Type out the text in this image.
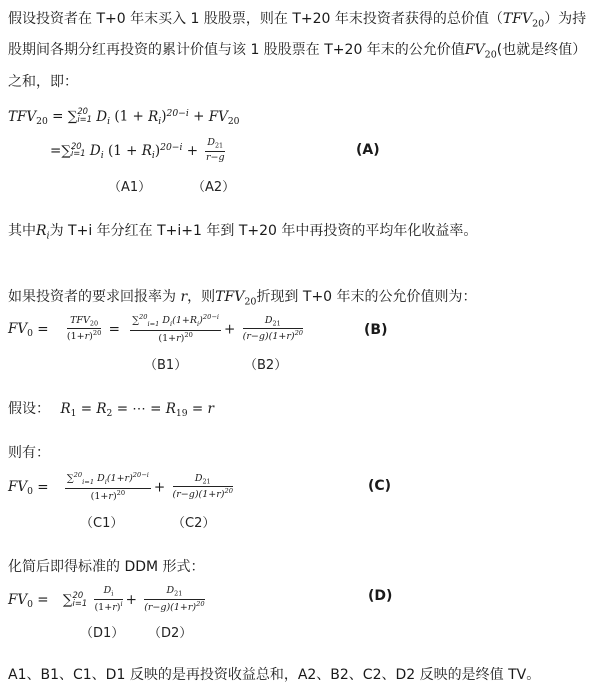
假设投资者在 T+0 年末买入 1 股股票，则在 T+20 年末投资者获得的总价值$(TFV_{20})$为持股期间各期分红再投资的累计价值与该 1 股股票在 T+20 年末的公允价值$FV_{20}$(也就是终值）之和，即：
$TFV_{20}$ = ∑ 20
i=1 $D_i$ $(1 + R_i)^{20-i} + FV_{20}$
=∑ 20
i=1 $D_i$ $(1 + R_i)^{20-i} + \frac{D_{21}}{r-g}$	(A)
（A1）	（A2）
其中$R_i$为 T+i 年分红在 T+i+1 年到 T+20 年中再投资的平均年化收益率。
如果投资者的要求回报率为 r，则$TFV_{20}$折现到 T+0 年末的公允价值则为：
$FV_0 = \frac{TFV_{20}}{(1+r)^{20}} = \frac{\sum^{20}_{i=1} D_i(1+R_i)^{20-i}}{(1+r)^{20}} + \frac{D_{21}}{(r-g)(1+r)^{20}}$	(B)
（B1）	（B2）
假设： $R_1 = R_2$ = ⋯ = $R_{19} = r$
则有：
$FV_0 = \frac{\sum^{20}_{i=1} D_i(1+r)^{20-i}}{(1+r)^{20}} + \frac{D_{21}}{(r-g)(1+r)^{20}}$	(C)
（C1）	（C2）
化简后即得标准的 DDM 形式：
$FV_0$ = ∑ 20
i=1
$\frac{D_i}{(1+r)^i} + \frac{D_{21}}{(r-g)(1+r)^{20}}$	(D)
（D1） （D2）
A1、B1、C1、D1 反映的是再投资收益总和，A2、B2、C2、D2 反映的是终值 TV。
